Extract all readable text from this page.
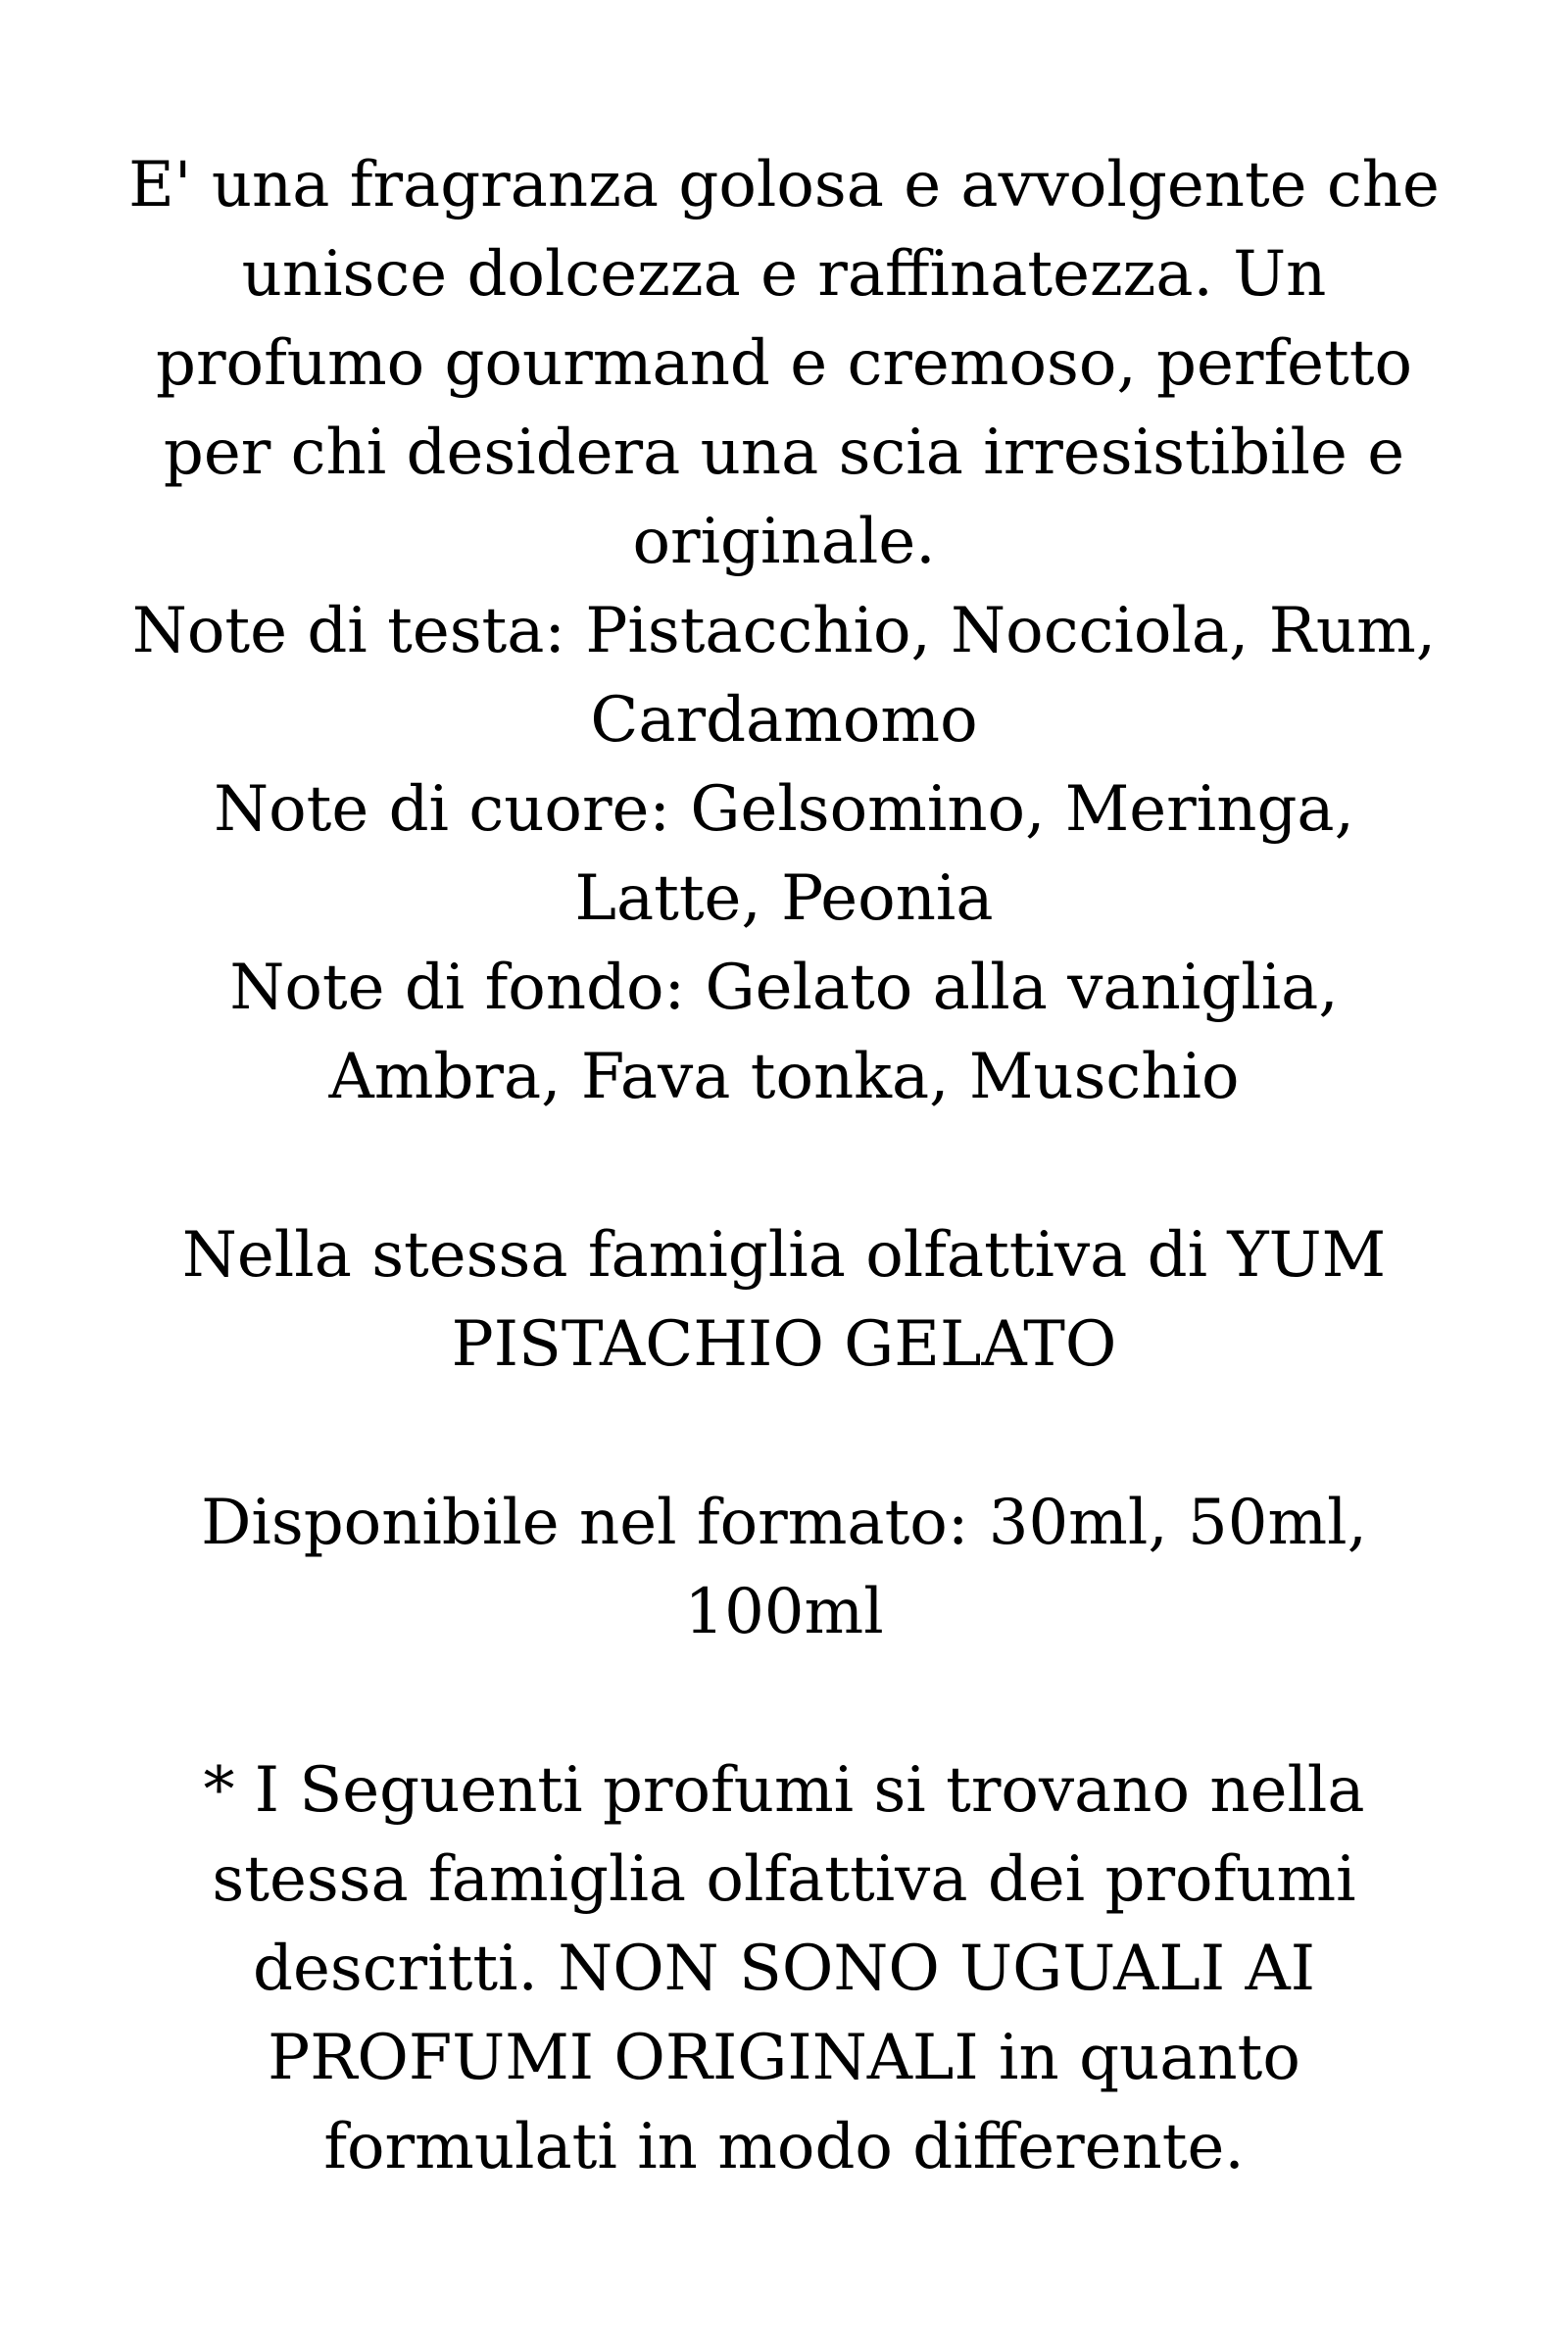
E' una fragranza golosa e avvolgente che
unisce dolcezza e raffinatezza. Un
profumo gourmand e cremoso, perfetto
per chi desidera una scia irresistibile e
originale.
Note di testa: Pistacchio, Nocciola, Rum,
Cardamomo
Note di cuore: Gelsomino, Meringa,
Latte, Peonia
Note di fondo: Gelato alla vaniglia,
Ambra, Fava tonka, Muschio
Nella stessa famiglia olfattiva di YUM
PISTACHIO GELATO
Disponibile nel formato: 30ml, 50ml,
100ml
* I Seguenti profumi si trovano nella
stessa famiglia olfattiva dei profumi
descritti. NON SONO UGUALI AI
PROFUMI ORIGINALI in quanto
formulati in modo differente.
